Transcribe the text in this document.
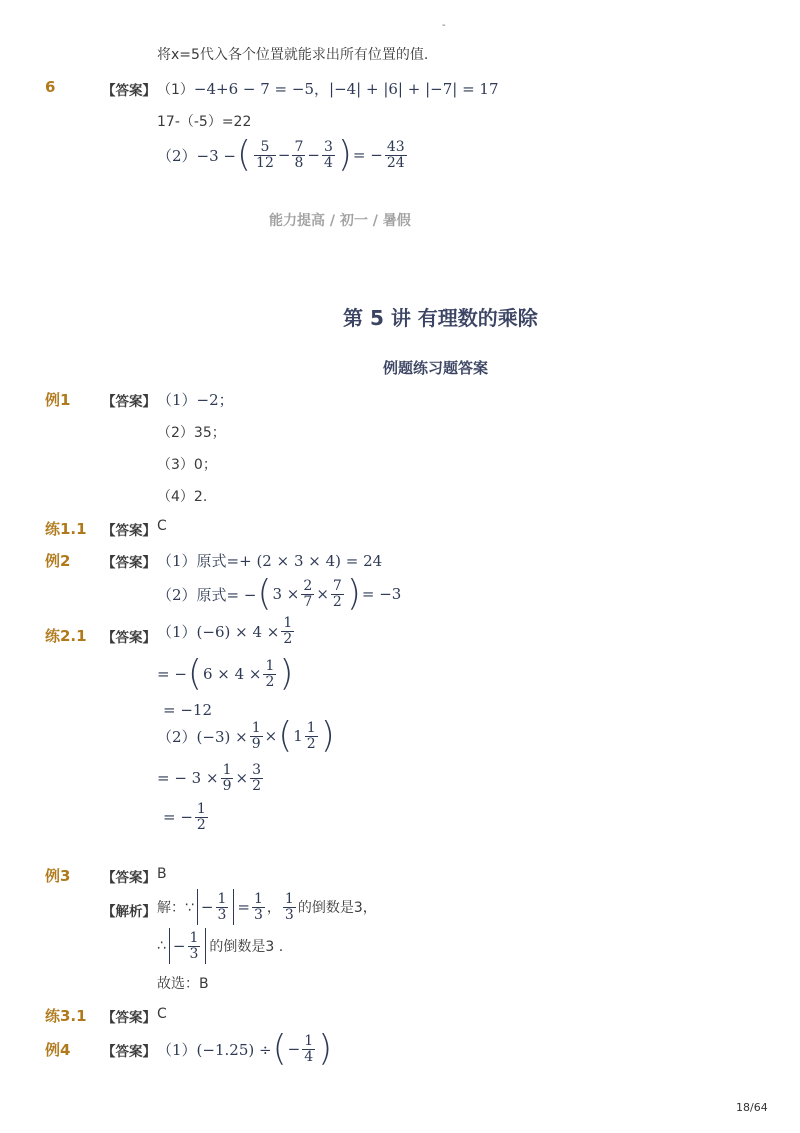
-
将x=5代入各个位置就能求出所有位置的值.
6	【答案】 （1） −4+6 − 7 = −5，|−4| + |6| + |−7| = 17
17-（-5）=22
（2）−3 − ( $\frac{5}{12} - \frac{7}{8} - \frac{3}{4}$ ) = − $\frac{43}{24}$
能力提高 / 初一 / 暑假
第 5 讲 有理数的乘除
例题练习题答案
例1 【答案】 （1）−2；
（2）35；
（3）0；
（4）2.
练1.1 【答案】 C
例2 【答案】 （1）原式=+ (2 × 3 × 4) = 24
（2）原式= − ( $3 \times \frac{2}{7} \times \frac{7}{2}$ ) = −3
练2.1 【答案】 $(1)(-6) \times 4 \times \frac{1}{2}$
= − ( $6 \times 4 \times \frac{1}{2}$ )
= −12
$(2)(-3) \times \frac{1}{9}$ × ( $1 \frac{1}{2}$ )
= − $3 \times \frac{1}{9} \times \frac{3}{2}$
= − $\frac{1}{2}$
例3 【答案】 B
【解析】 解：∵ − $\frac{1}{3} = \frac{1}{3}$ ， $\frac{1}{3}$ 的倒数是3，
∴ − $\frac{1}{3}$ 的倒数是3 .
故选：B
练3.1 【答案】 C
例4 【答案】 （1）(−1.25) ÷ ( − $\frac{1}{4}$ )
18/64
